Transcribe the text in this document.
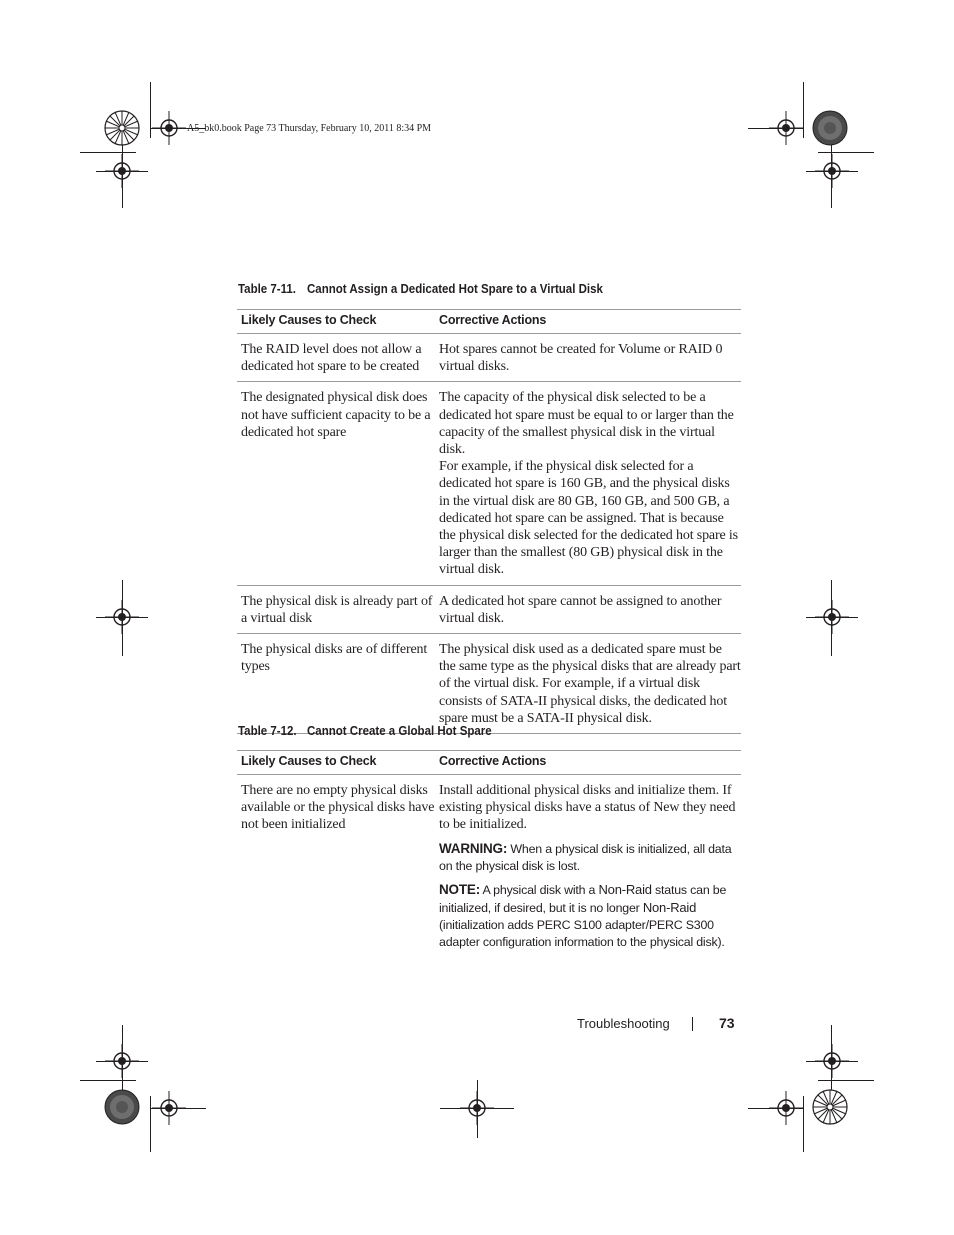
A5_bk0.book Page 73 Thursday, February 10, 2011 8:34 PM
Table 7-11. Cannot Assign a Dedicated Hot Spare to a Virtual Disk
Likely Causes to Check	Corrective Actions
The RAID level does not allow a dedicated hot spare to be created	Hot spares cannot be created for Volume or RAID 0 virtual disks.
The designated physical disk does not have sufficient capacity to be a dedicated hot spare	The capacity of the physical disk selected to be a dedicated hot spare must be equal to or larger than the capacity of the smallest physical disk in the virtual disk.

For example, if the physical disk selected for a dedicated hot spare is 160 GB, and the physical disks in the virtual disk are 80 GB, 160 GB, and 500 GB, a dedicated hot spare can be assigned. That is because the physical disk selected for the dedicated hot spare is larger than the smallest (80 GB) physical disk in the virtual disk.

The physical disk is already part of a virtual disk	A dedicated hot spare cannot be assigned to another virtual disk.
The physical disks are of different types	The physical disk used as a dedicated spare must be the same type as the physical disks that are already part of the virtual disk. For example, if a virtual disk consists of SATA-II physical disks, the dedicated hot spare must be a SATA-II physical disk.
Table 7-12. Cannot Create a Global Hot Spare
Likely Causes to Check	Corrective Actions
There are no empty physical disks available or the physical disks have not been initialized	Install additional physical disks and initialize them. If existing physical disks have a status of New they need to be initialized.

WARNING: When a physical disk is initialized, all data on the physical disk is lost.

NOTE: A physical disk with a Non-Raid status can be initialized, if desired, but it is no longer Non-Raid (initialization adds PERC S100 adapter/PERC S300 adapter configuration information to the physical disk).

Troubleshooting	73
